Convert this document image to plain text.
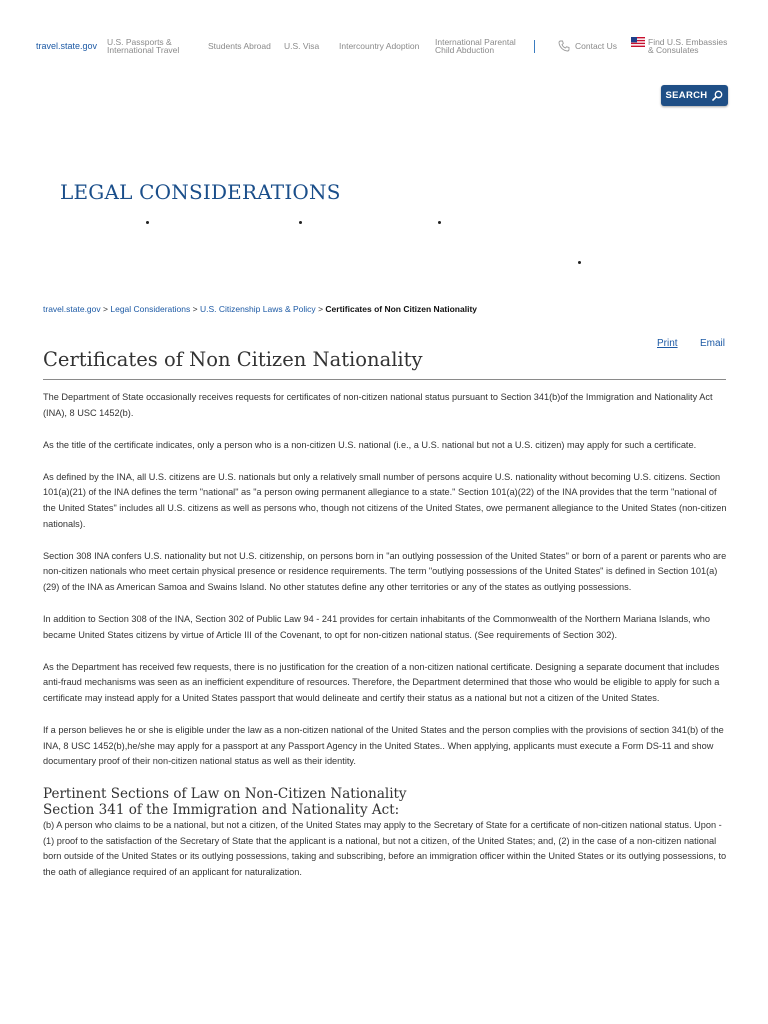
travel.state.gov U.S. Passports &
International Travel	Students Abroad U.S. Visa Intercountry Adoption International Parental
Child Abduction	Contact Us	Find U.S. Embassies
& Consulates
SEARCH
LEGAL CONSIDERATIONS
travel.state.gov > Legal Considerations > U.S. Citizenship Laws & Policy > Certificates of Non Citizen Nationality
Print Email
Certificates of Non Citizen Nationality

The Department of State occasionally receives requests for certificates of non-citizen national status pursuant to Section 341(b)of the Immigration and Nationality Act (INA), 8 USC 1452(b).

As the title of the certificate indicates, only a person who is a non-citizen U.S. national (i.e., a U.S. national but not a U.S. citizen) may apply for such a certificate.

As defined by the INA, all U.S. citizens are U.S. nationals but only a relatively small number of persons acquire U.S. nationality without becoming U.S. citizens. Section 101(a)(21) of the INA defines the term "national" as "a person owing permanent allegiance to a state." Section 101(a)(22) of the INA provides that the term "national of the United States" includes all U.S. citizens as well as persons who, though not citizens of the United States, owe permanent allegiance to the United States (non-citizen nationals).

Section 308 INA confers U.S. nationality but not U.S. citizenship, on persons born in "an outlying possession of the United States" or born of a parent or parents who are non-citizen nationals who meet certain physical presence or residence requirements. The term "outlying possessions of the United States" is defined in Section 101(a)(29) of the INA as American Samoa and Swains Island. No other statutes define any other territories or any of the states as outlying possessions.

In addition to Section 308 of the INA, Section 302 of Public Law 94 - 241 provides for certain inhabitants of the Commonwealth of the Northern Mariana Islands, who became United States citizens by virtue of Article III of the Covenant, to opt for non-citizen national status. (See requirements of Section 302).

As the Department has received few requests, there is no justification for the creation of a non-citizen national certificate. Designing a separate document that includes anti-fraud mechanisms was seen as an inefficient expenditure of resources. Therefore, the Department determined that those who would be eligible to apply for such a certificate may instead apply for a United States passport that would delineate and certify their status as a national but not a citizen of the United States.

If a person believes he or she is eligible under the law as a non-citizen national of the United States and the person complies with the provisions of section 341(b) of the INA, 8 USC 1452(b),he/she may apply for a passport at any Passport Agency in the United States.. When applying, applicants must execute a Form DS-11 and show documentary proof of their non-citizen national status as well as their identity.

Pertinent Sections of Law on Non-Citizen Nationality
Section 341 of the Immigration and Nationality Act:

(b) A person who claims to be a national, but not a citizen, of the United States may apply to the Secretary of State for a certificate of non-citizen national status. Upon - (1) proof to the satisfaction of the Secretary of State that the applicant is a national, but not a citizen, of the United States; and, (2) in the case of a non-citizen national born outside of the United States or its outlying possessions, taking and subscribing, before an immigration officer within the United States or its outlying possessions, to the oath of allegiance required of an applicant for naturalization.
